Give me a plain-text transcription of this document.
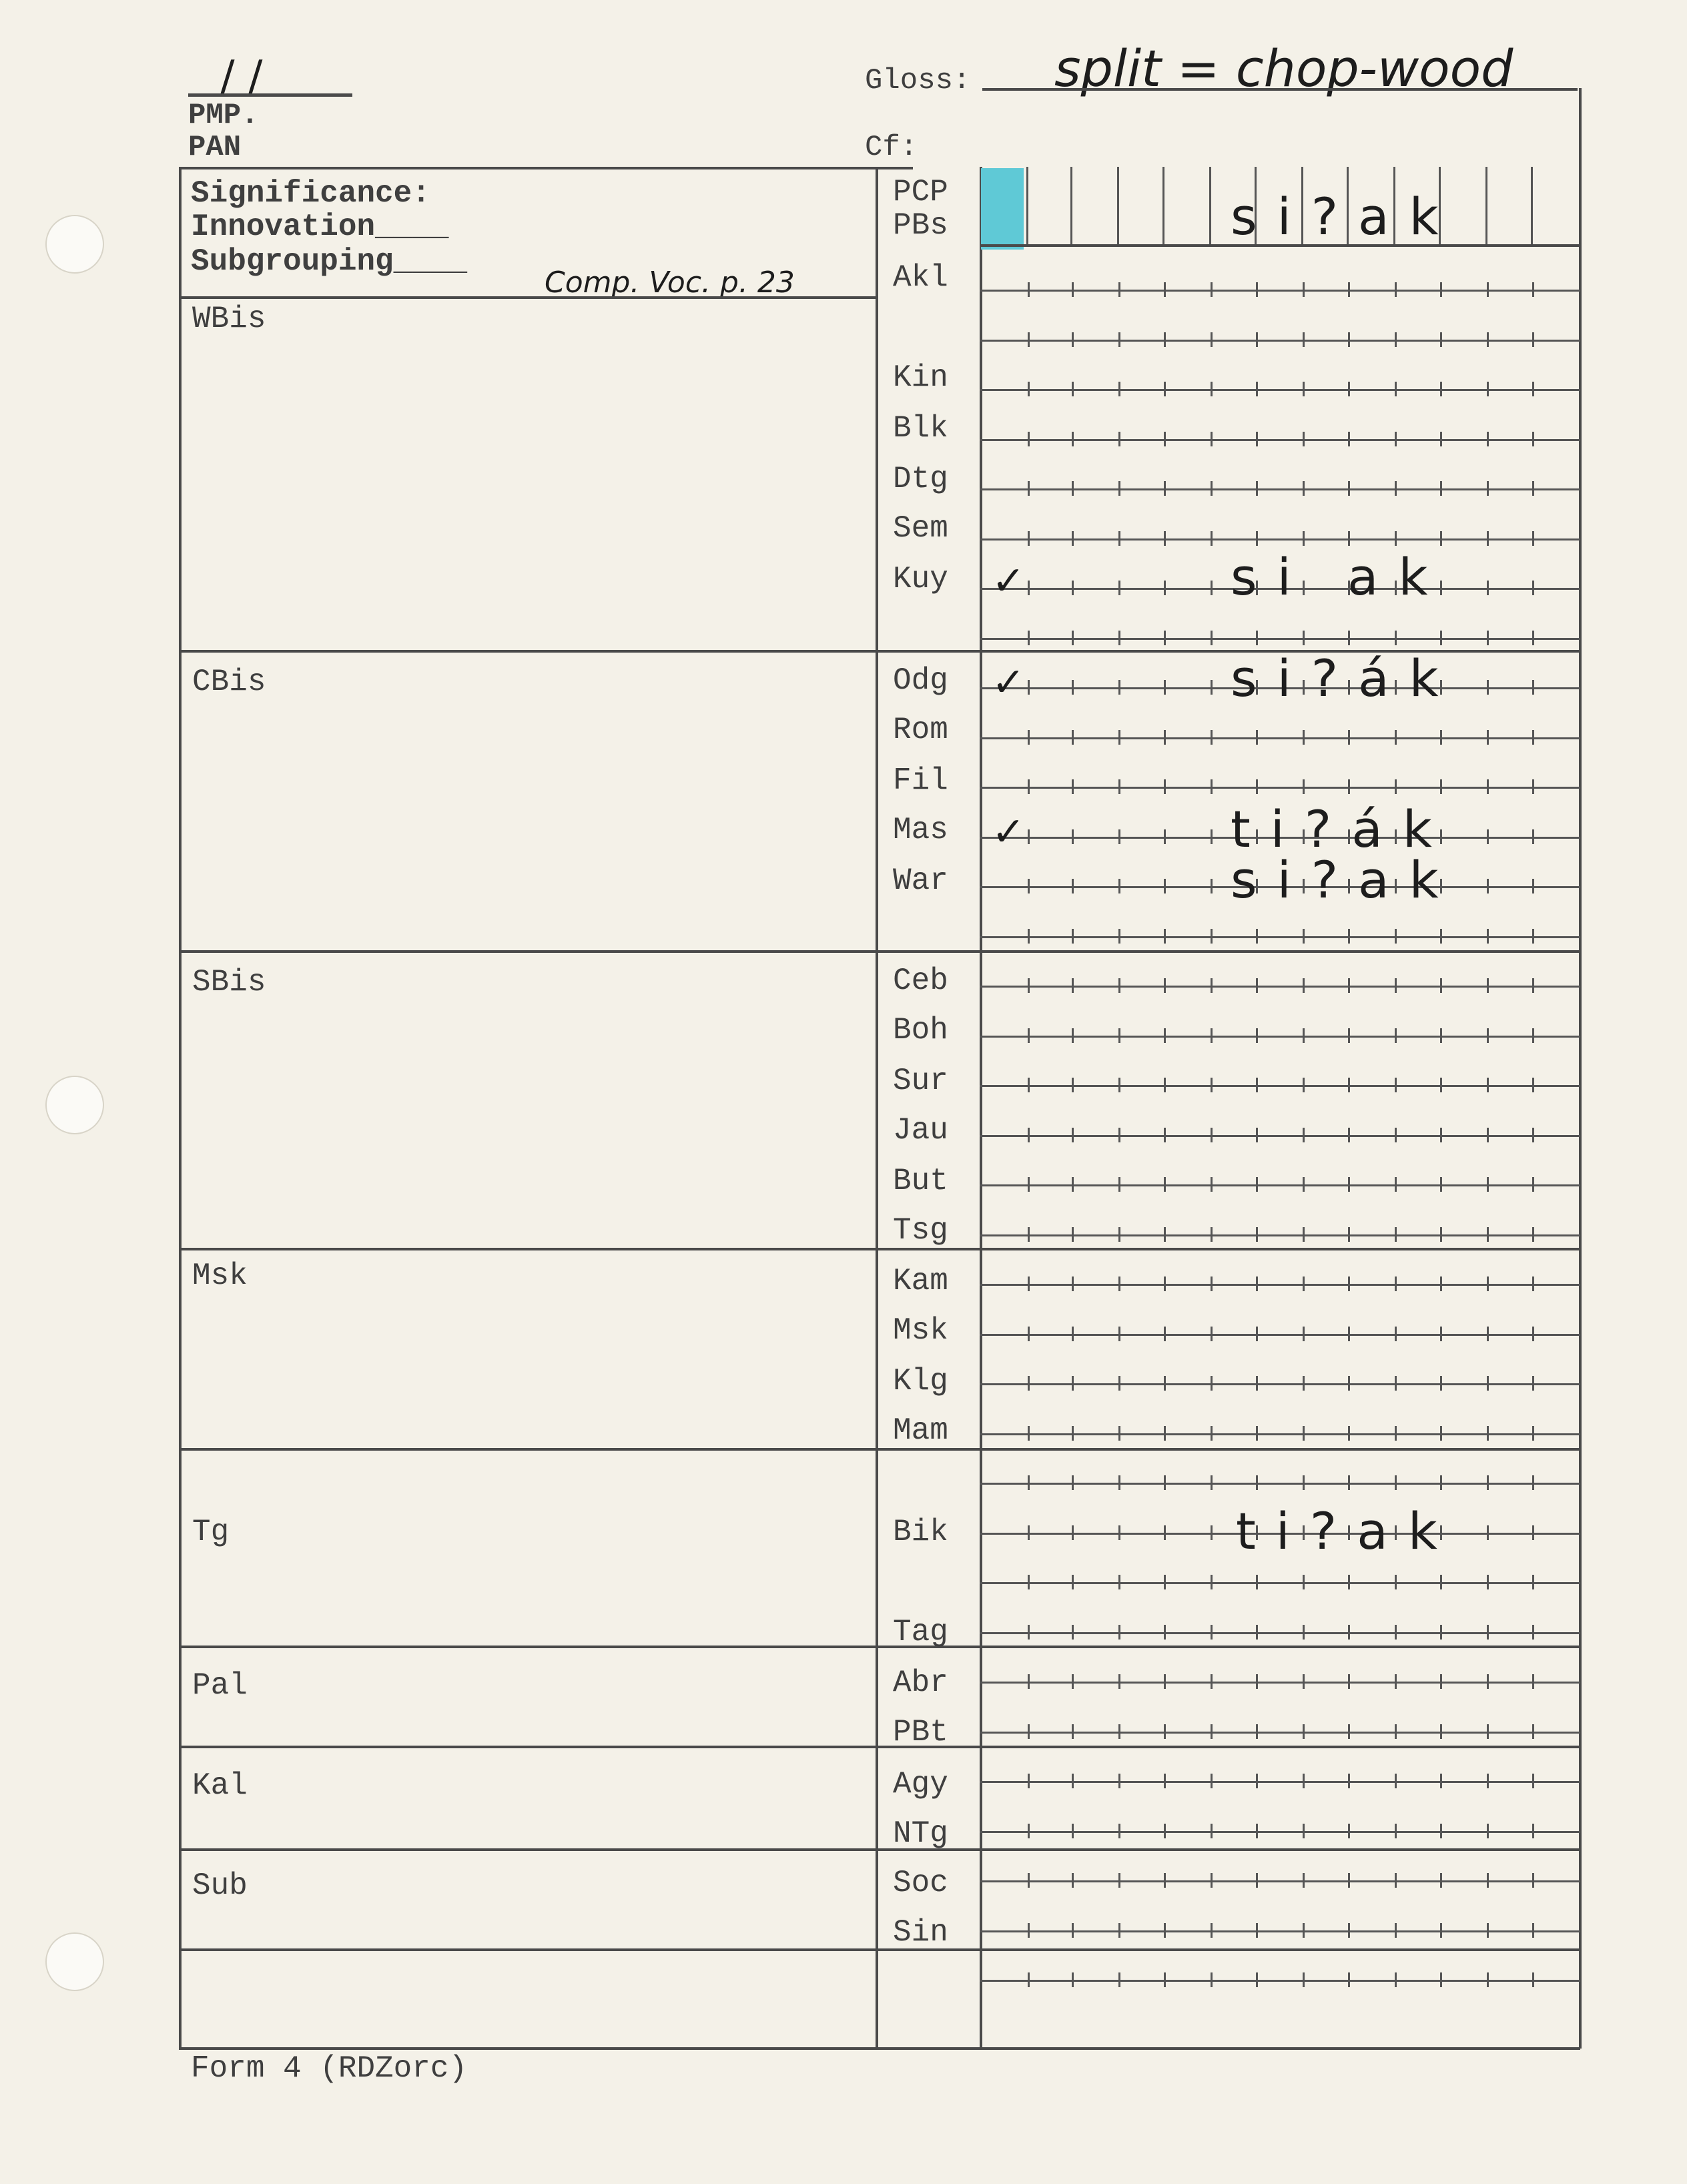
/ /
PMP.
PAN
Gloss: split = chop-wood
Cf:
Significance:
Innovation____
Subgrouping____
Comp. Voc. p. 23
WBis
CBis
SBis
Msk
Tg
Pal
Kal
Sub
PCP
PBs
Akl
Kin
Blk
Dtg
Sem
Kuy
Odg
Rom
Fil
Mas
War
Ceb
Boh
Sur
Jau
But
Tsg
Kam
Msk
Klg
Mam
Bik
Tag
Abr
PBt
Agy
NTg
Soc
Sin
✓
✓
✓
si?ak
si ak
si?ák
ti?ák
si?ak
ti?ak
Form 4 (RDZorc)
